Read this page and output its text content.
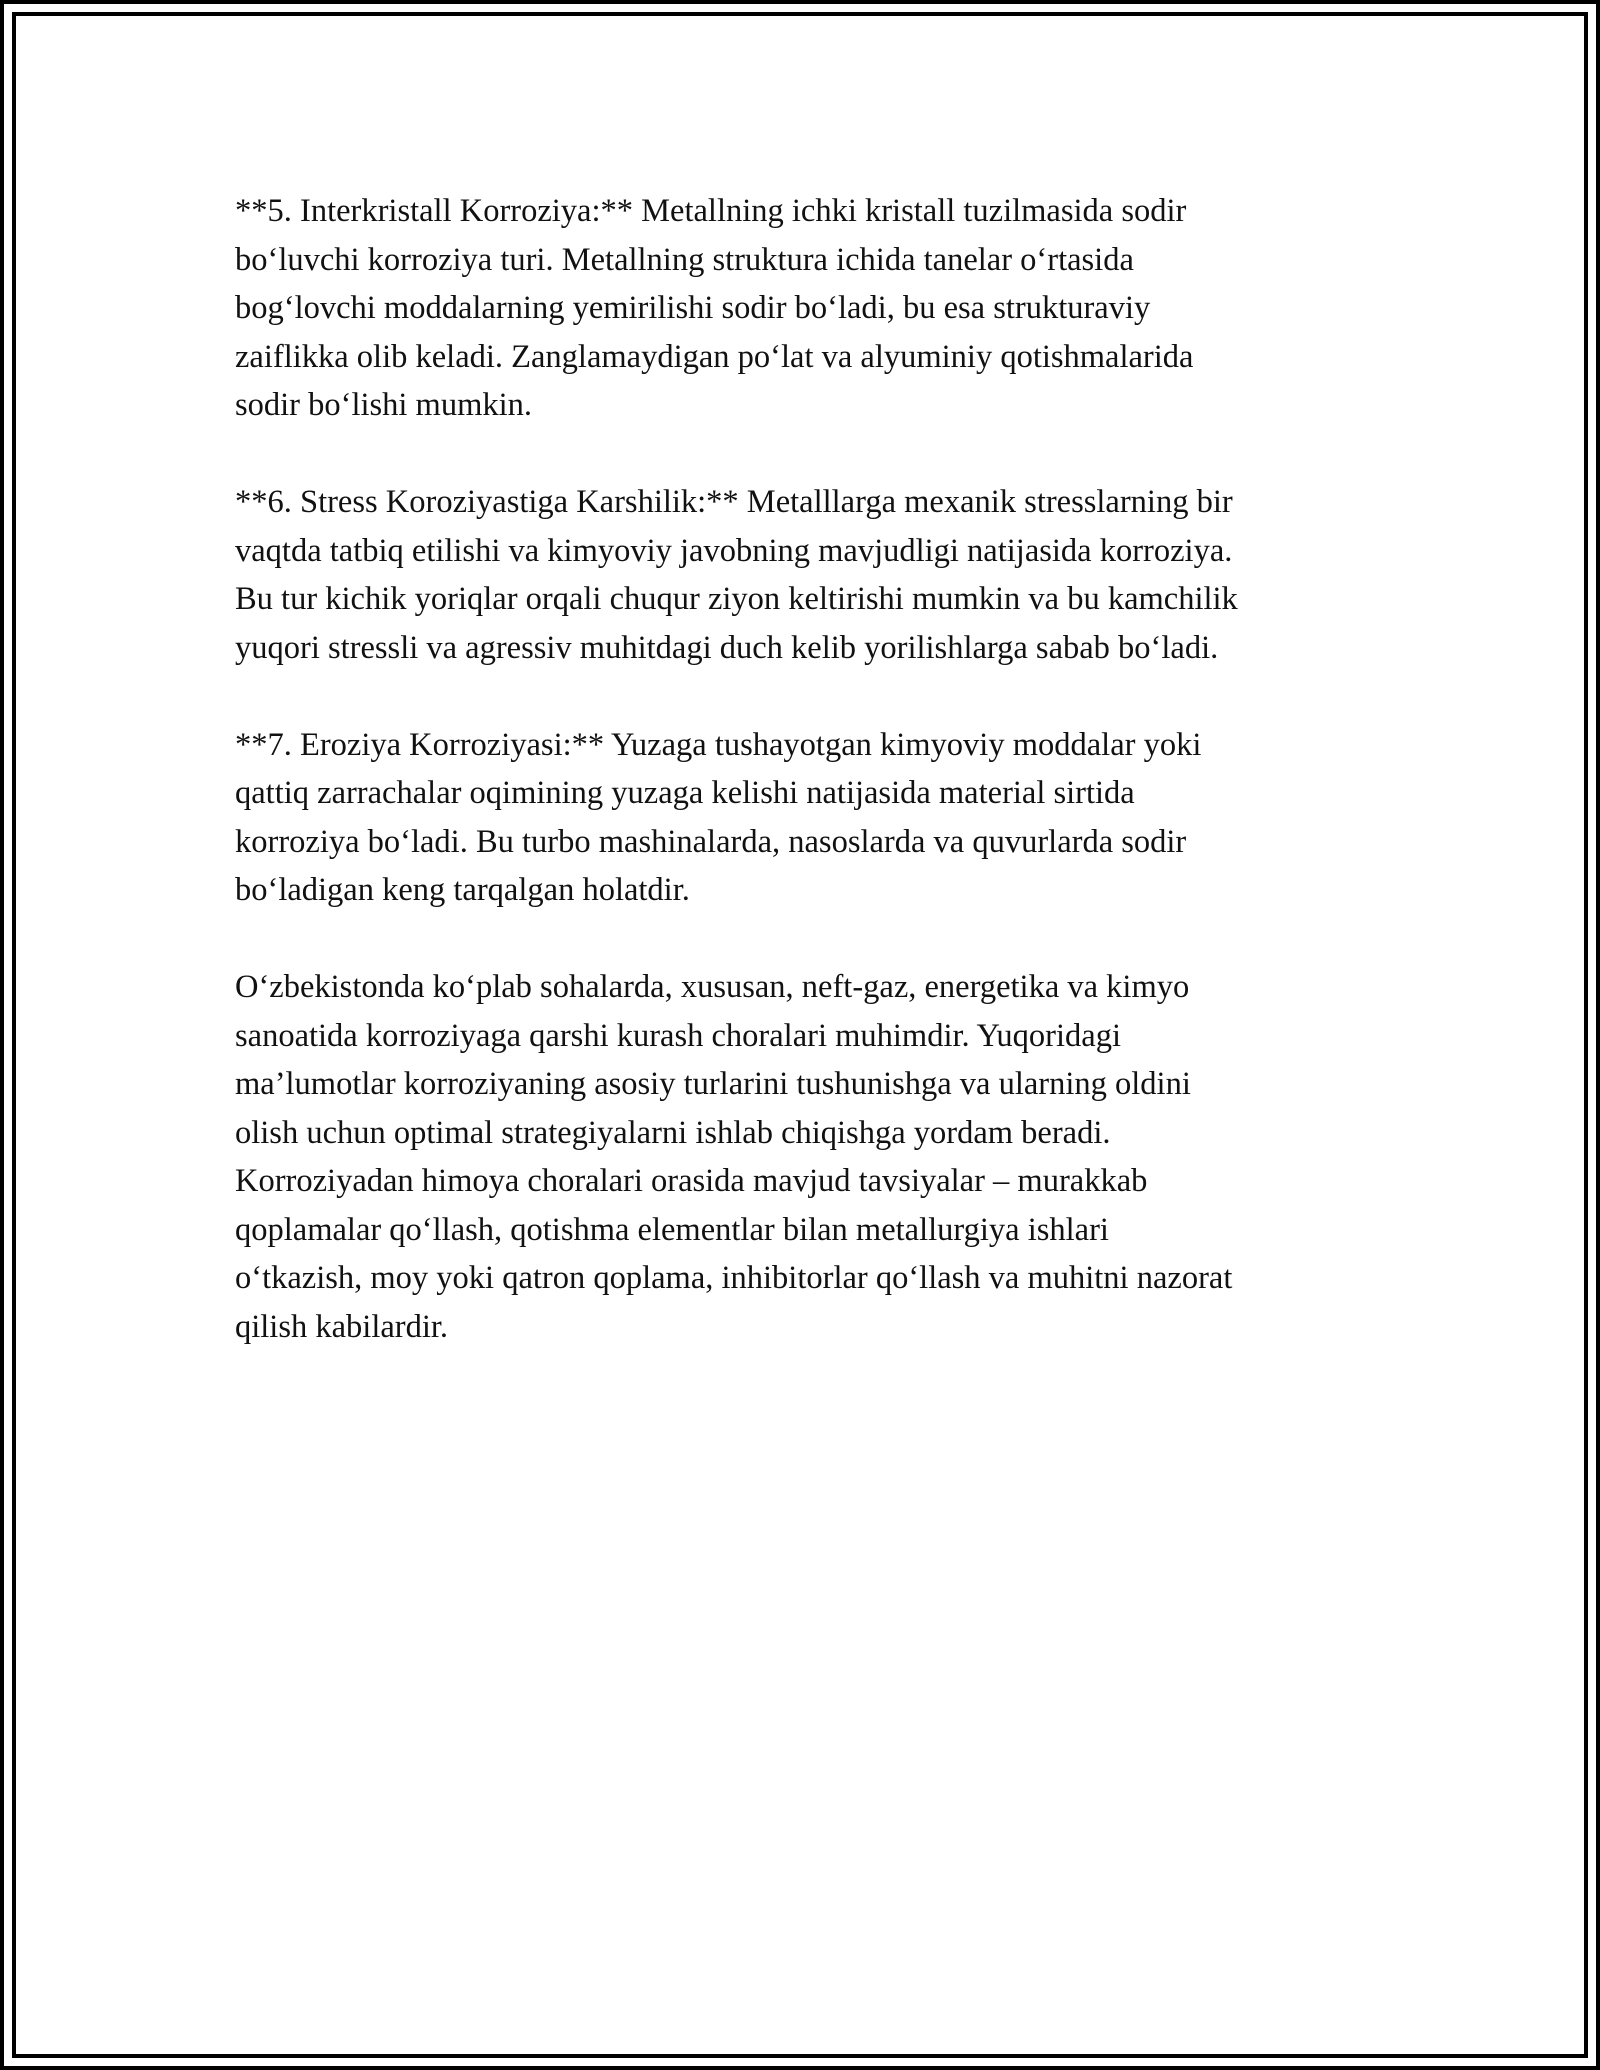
**5. Interkristall Korroziya:** Metallning ichki kristall tuzilmasida sodir
bo‘luvchi korroziya turi. Metallning struktura ichida tanelar o‘rtasida
bog‘lovchi moddalarning yemirilishi sodir bo‘ladi, bu esa strukturaviy
zaiflikka olib keladi. Zanglamaydigan po‘lat va alyuminiy qotishmalarida
sodir bo‘lishi mumkin.

**6. Stress Koroziyastiga Karshilik:** Metalllarga mexanik stresslarning bir
vaqtda tatbiq etilishi va kimyoviy javobning mavjudligi natijasida korroziya.
Bu tur kichik yoriqlar orqali chuqur ziyon keltirishi mumkin va bu kamchilik
yuqori stressli va agressiv muhitdagi duch kelib yorilishlarga sabab bo‘ladi.

**7. Eroziya Korroziyasi:** Yuzaga tushayotgan kimyoviy moddalar yoki
qattiq zarrachalar oqimining yuzaga kelishi natijasida material sirtida
korroziya bo‘ladi. Bu turbo mashinalarda, nasoslarda va quvurlarda sodir
bo‘ladigan keng tarqalgan holatdir.

O‘zbekistonda ko‘plab sohalarda, xususan, neft-gaz, energetika va kimyo
sanoatida korroziyaga qarshi kurash choralari muhimdir. Yuqoridagi
ma’lumotlar korroziyaning asosiy turlarini tushunishga va ularning oldini
olish uchun optimal strategiyalarni ishlab chiqishga yordam beradi.
Korroziyadan himoya choralari orasida mavjud tavsiyalar – murakkab
qoplamalar qo‘llash, qotishma elementlar bilan metallurgiya ishlari
o‘tkazish, moy yoki qatron qoplama, inhibitorlar qo‘llash va muhitni nazorat
qilish kabilardir.
